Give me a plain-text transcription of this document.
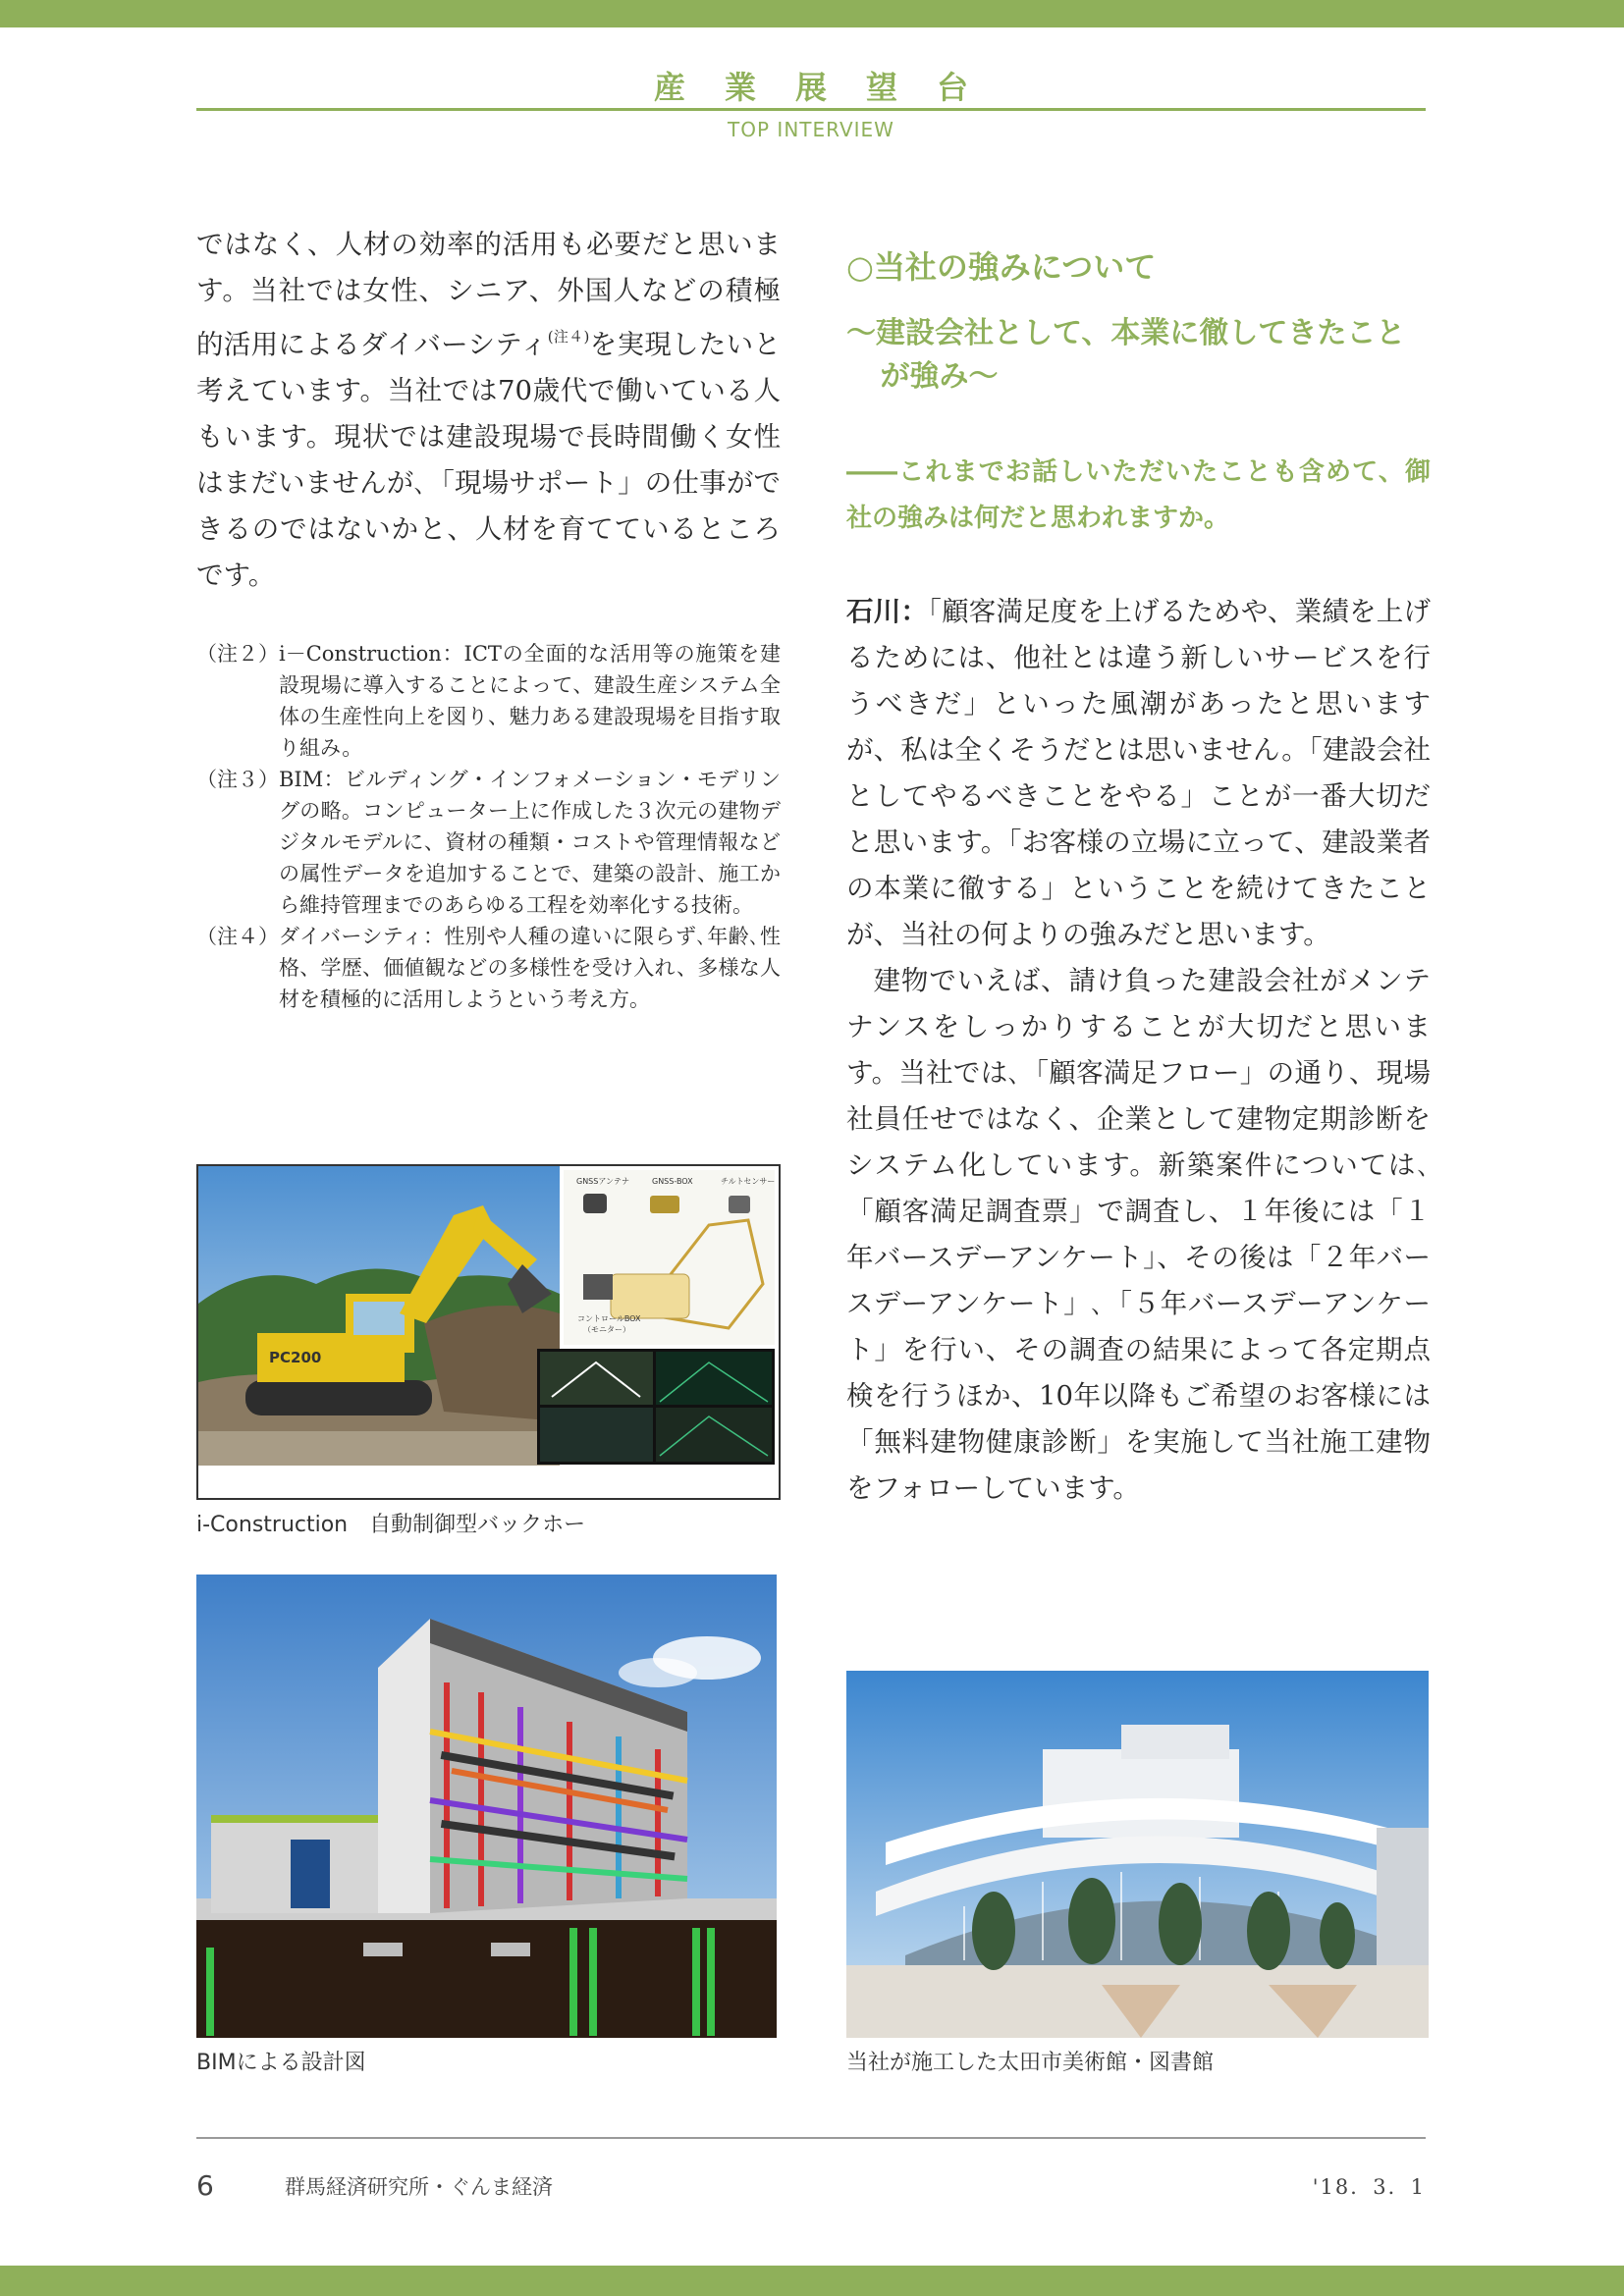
産業展望台
TOP INTERVIEW

ではなく、人材の効率的活用も必要だと思います。当社では女性、シニア、外国人などの積極的活用によるダイバーシティ$^{(注4)}$を実現したいと考えています。当社では70歳代で働いている人もいます。現状では建設現場で長時間働く女性はまだいませんが､「現場サポート」の仕事ができるのではないかと、人材を育てているところです。

（注２） i－Construction：ICTの全面的な活用等の施策を建設現場に導入することによって、建設生産システム全体の生産性向上を図り、魅力ある建設現場を目指す取り組み。
（注３） BIM：ビルディング・インフォメーション・モデリングの略。コンピューター上に作成した３次元の建物デジタルモデルに、資材の種類・コストや管理情報などの属性データを追加することで、建築の設計、施工から維持管理までのあらゆる工程を効率化する技術。
（注４） ダイバーシティ：性別や人種の違いに限らず､年齢､性格、学歴、価値観などの多様性を受け入れ、多様な人材を積極的に活用しようという考え方。
PC200
GNSSアンテナ	GNSS-BOX	チルトセンサー
コントロールBOX
（モニター）
i-Construction　自動制御型バックホー
BIMによる設計図
○当社の強みについて
～建設会社として、本業に徹してきたことが強み～

――これまでお話しいただいたことも含めて、御社の強みは何だと思われますか。

石川：「顧客満足度を上げるためや、業績を上げるためには、他社とは違う新しいサービスを行うべきだ」といった風潮があったと思いますが、私は全くそうだとは思いません。「建設会社としてやるべきことをやる」ことが一番大切だと思います。「お客様の立場に立って、建設業者の本業に徹する」ということを続けてきたことが、当社の何よりの強みだと思います。

建物でいえば、請け負った建設会社がメンテナンスをしっかりすることが大切だと思います。当社では､「顧客満足フロー」の通り、現場社員任せではなく、企業として建物定期診断をシステム化しています。新築案件については､「顧客満足調査票」で調査し、１年後には「１年バースデーアンケート」、その後は「２年バースデーアンケート」､「５年バースデーアンケート」を行い、その調査の結果によって各定期点検を行うほか、10年以降もご希望のお客様には「無料建物健康診断」を実施して当社施工建物をフォローしています。

当社が施工した太田市美術館・図書館
6	群馬経済研究所・ぐんま経済	'18．3．1
